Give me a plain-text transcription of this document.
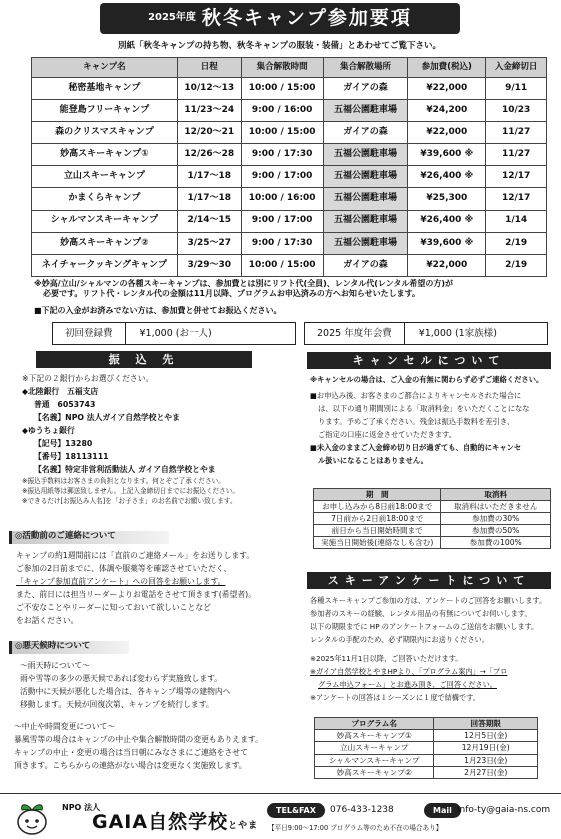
2025年度 秋冬キャンプ参加要項
別紙「秋冬キャンプの持ち物、秋冬キャンプの服装・装備」とあわせてご覧下さい。
キャンプ名	日程	集合解散時間	集合解散場所	参加費(税込)	入金締切日
秘密基地キャンプ	10/12〜13	10:00 / 15:00	ガイアの森	¥22,000	9/11
能登島フリーキャンプ	11/23〜24	9:00 / 16:00	五福公園駐車場	¥24,200	10/23
森のクリスマスキャンプ	12/20〜21	10:00 / 15:00	ガイアの森	¥22,000	11/27
妙高スキーキャンプ①	12/26〜28	9:00 / 17:30	五福公園駐車場	¥39,600 ※	11/27
立山スキーキャンプ	1/17〜18	9:00 / 17:00	五福公園駐車場	¥26,400 ※	12/17
かまくらキャンプ	1/17〜18	10:00 / 16:00	五福公園駐車場	¥25,300	12/17
シャルマンスキーキャンプ	2/14〜15	9:00 / 17:00	五福公園駐車場	¥26,400 ※	1/14
妙高スキーキャンプ②	3/25〜27	9:00 / 17:30	五福公園駐車場	¥39,600 ※	2/19
ネイチャークッキングキャンプ	3/29〜30	10:00 / 15:00	ガイアの森	¥22,000	2/19
※妙高/立山/シャルマンの各種スキーキャンプは、参加費とは別にリフト代(全員)、レンタル代(レンタル希望の方)が
必要です。リフト代・レンタル代の金額は11月以降、プログラムお申込済みの方へお知らせいたします。
■下記の入金がお済みでない方は、参加費と併せてお振込ください。
初回登録費	¥1,000 (お一人)	2025 年度年会費	¥1,000 (1家族様)
振 込 先
※下記の２銀行からお選びください。
◆北陸銀行　五福支店
普通　6053743
【名義】NPO 法人ガイア自然学校とやま
◆ゆうちょ銀行
【記号】13280
【番号】18113111
【名義】特定非営利活動法人 ガイア自然学校とやま
※振込手数料はお客さまの負担となります。何とぞご了承ください。
※振込用紙等は郵送致しません。上記入金締切日までにお振込ください。
※できるだけ[お振込み人名]を「お子さま」のお名前でお願い致します。
◎活動前のご連絡について
キャンプの約1週間前には「直前のご連絡メール」をお送りします。
ご参加の2日前までに、体調や服薬等を確認させていただく、
「キャンプ参加直前アンケート」への回答をお願いします。
また、前日には担当リーダーよりお電話をさせて頂きます(希望者)。
ご不安なことやリーダーに知っておいて欲しいことなど
をお話ください。
◎悪天候時について
〜雨天時について〜
雨や雪等の多少の悪天候であれば変わらず実施致します。
活動中に天候が悪化した場合は、各キャンプ場等の建物内へ
移動します。天候が回復次第、キャンプを続行します。
〜中止や時間変更について〜
暴風雪等の場合はキャンプの中止や集合解散時間の変更もありえます。
キャンプの中止・変更の場合は当日朝にみなさまにご連絡をさせて
頂きます。こちらからの連絡がない場合は変更なく実施致します。
キャンセルについて
※キャンセルの場合は、ご入金の有無に関わらず必ずご連絡ください。
■お申込み後、お客さまのご都合によりキャンセルされた場合に
は、以下の通り期間別による「取消料金」をいただくことになな
ります。予めご了承ください。残金は振込手数料を差引き、
ご指定の口座に返金させていただきます。
■未入金のままご入金締め切り日が過ぎても、自動的にキャンセ
ル扱いになることはありません。
期　間	取消料
お申し込みから8日前18:00まで	取消料はいただきません
7日前から2日前18:00まで	参加費の30%
前日から当日開始時間まで	参加費の50%
実施当日開始後(連絡なしも含む)	参加費の100%
スキーアンケートについて
各種スキーキャンプご参加の方は、アンケートのご回答をお願いします。
参加者のスキーの経験、レンタル用品の有無についてお伺いします。
以下の期限までに HP のアンケートフォームのご送信をお願いします。
レンタルの手配のため、必ず期限内にお送りください。
※2025年11月1日以降、ご回答いただけます。
※ガイア自然学校とやまHPより、「プログラム案内」→「プロ
グラム申込フォーム」とお進み頂き、ご回答ください。
※アンケートの回答は１シーズンに１度で結構です。
プログラム名	回答期限
妙高スキーキャンプ①	12月5日(金)
立山スキーキャンプ	12月19日(金)
シャルマンスキーキャンプ	1月23日(金)
妙高スキーキャンプ②	2月27日(金)
NPO 法人
GAIA自然学校とやま
TEL&FAX	076-433-1238	Mail info-ty@gaia-ns.com
【平日9:00〜17:00 プログラム等のため不在の場合あり】
